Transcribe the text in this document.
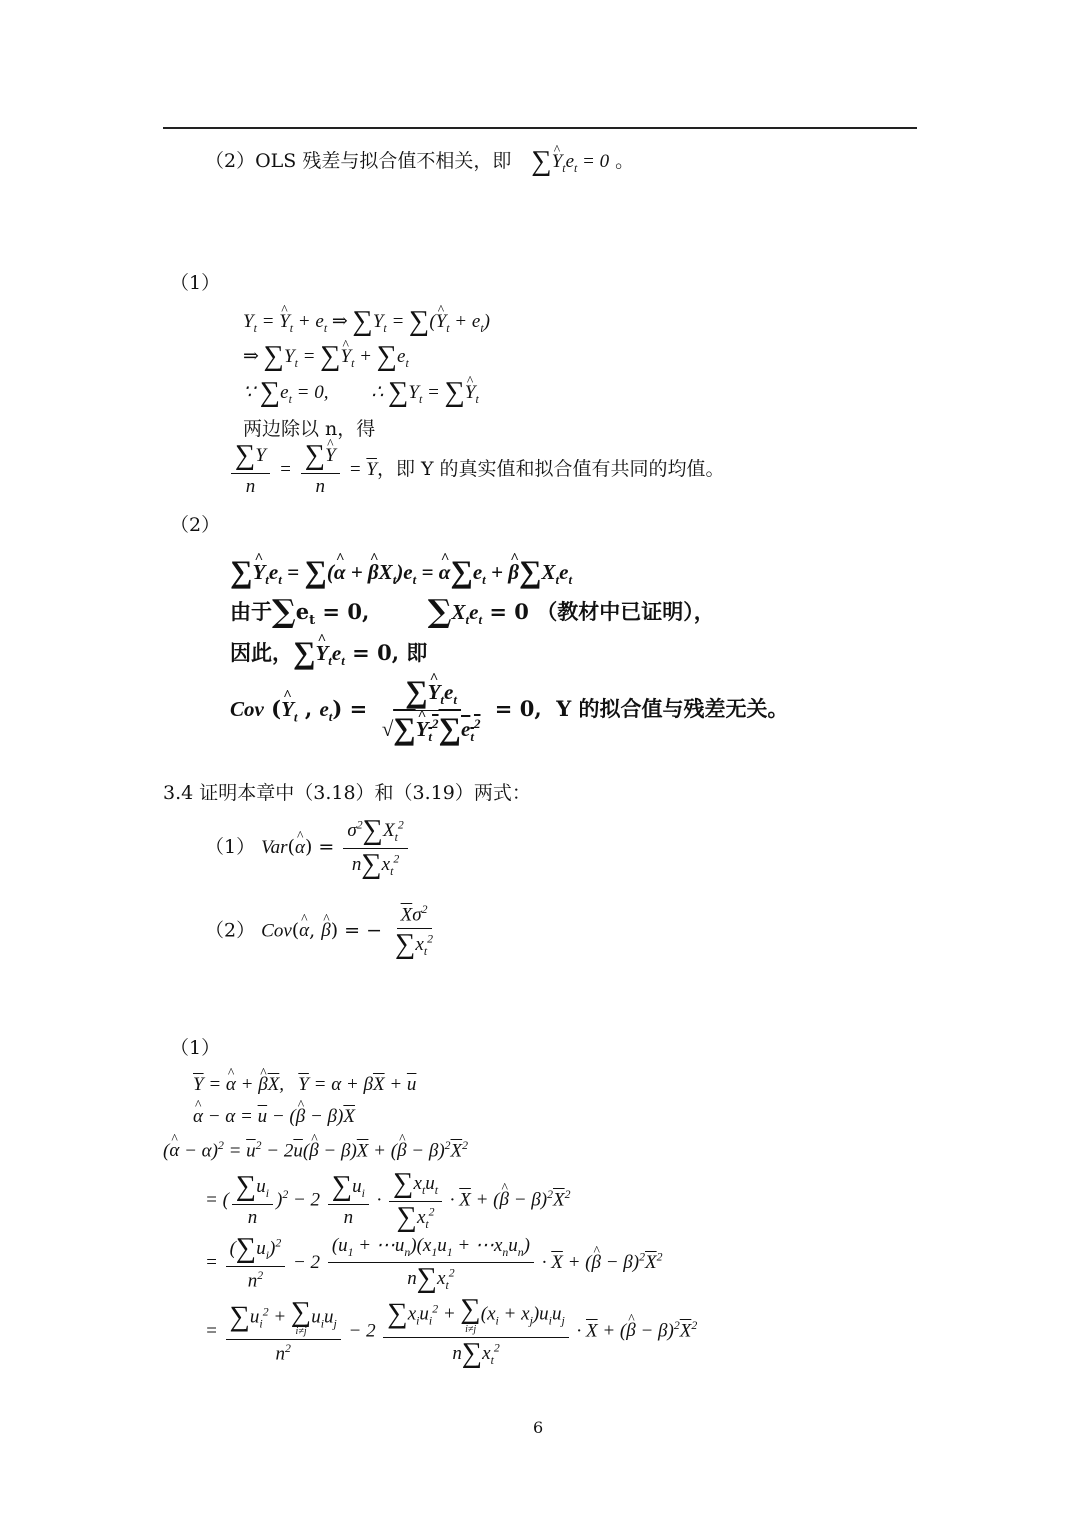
（2）OLS 残差与拟合值不相关，即 ∑^ $Y_te_t = 0$ 。
（1）
$Y_t$ = ^ $Y_t + e_t$ ⇒ $\sum Y_t$ = ∑(^ $Y_t + e_t$)
⇒ $\sum Y_t$ = ∑^ $Y_t + \sum e_t$
∵ $\sum e_t = 0$,         ∴ $\sum Y_t$ = ∑^ $Y_t$
两边除以 n，得
$\frac{\sum Y}{n} = \frac{\sum\^{} Y}{n} = \overline{Y}$，即 Y 的真实值和拟合值有共同的均值。
（2）
∑^ $Y_te_t$ = ∑(^ α + ^ $\beta X_t)e_t$ = ^ $\alpha\sum e_t$ + ^ $\beta\sum X_te_t$
由于$\sum e_t = 0$,        $\sum X_te_t = 0$ （教材中已证明），
因此，∑^ $Y_te_t = 0$, 即
Cov (^ $Y_t$ , $e_t) = \frac{\sum\^{} Y_te_t}{√\sum\^{} Y_t^2\sum e_t^2} = 0$,  Y 的拟合值与残差无关。
3.4 证明本章中（3.18）和（3.19）两式：
（1） Var(^ $\alpha) = \frac{\sigma^2\sum X_t^2}{n\sum x_t^2}$
（2） Cov(^ α, ^ β) = − $\frac{\overline{X}\sigma^2}{\sum x_t^2}$
（1）
$\overline{Y}$ = ^ α + ^ $\beta\overline{X}$,   $\overline{Y} = \alpha + \beta\overline{X} + \overline{u}$
^ $\alpha - \alpha = \overline{u}$ − (^ $\beta - \beta)\overline{X}$
(^ $\alpha - \alpha)^2 = \overline{u}^2$ − $2\overline{u}(\^{}$ $\beta - \beta)\overline{X}$ + (^ $\beta - \beta)^2\overline{X}^2$
= ( $\frac{\sum u_i}{n} )^2 - 2 \frac{\sum u_i}{n} \cdot \frac{\sum x_tu_t}{\sum x_t^2} \cdot \overline{X}$ + (^ $\beta - \beta)^2\overline{X}^2$
= $\frac{(\sum u_i)^2}{n^2} - 2 \frac{(u_1 + \cdots u_n)(x_1u_1 + \cdots x_nu_n)}{n\sum x_t^2} \cdot \overline{X}$ + (^ $\beta - \beta)^2\overline{X}^2$
= $\sum u_i^2$ + ∑
i≠j
$u_iu_j$
$n^2 - 2$ $\sum x_iu_i^2$ + ∑
i≠j
$(x_i + x_j)u_iu_j$
$n\sum x_t^2 \cdot \overline{X}$ + (^ $\beta - \beta)^2\overline{X}^2$
6
